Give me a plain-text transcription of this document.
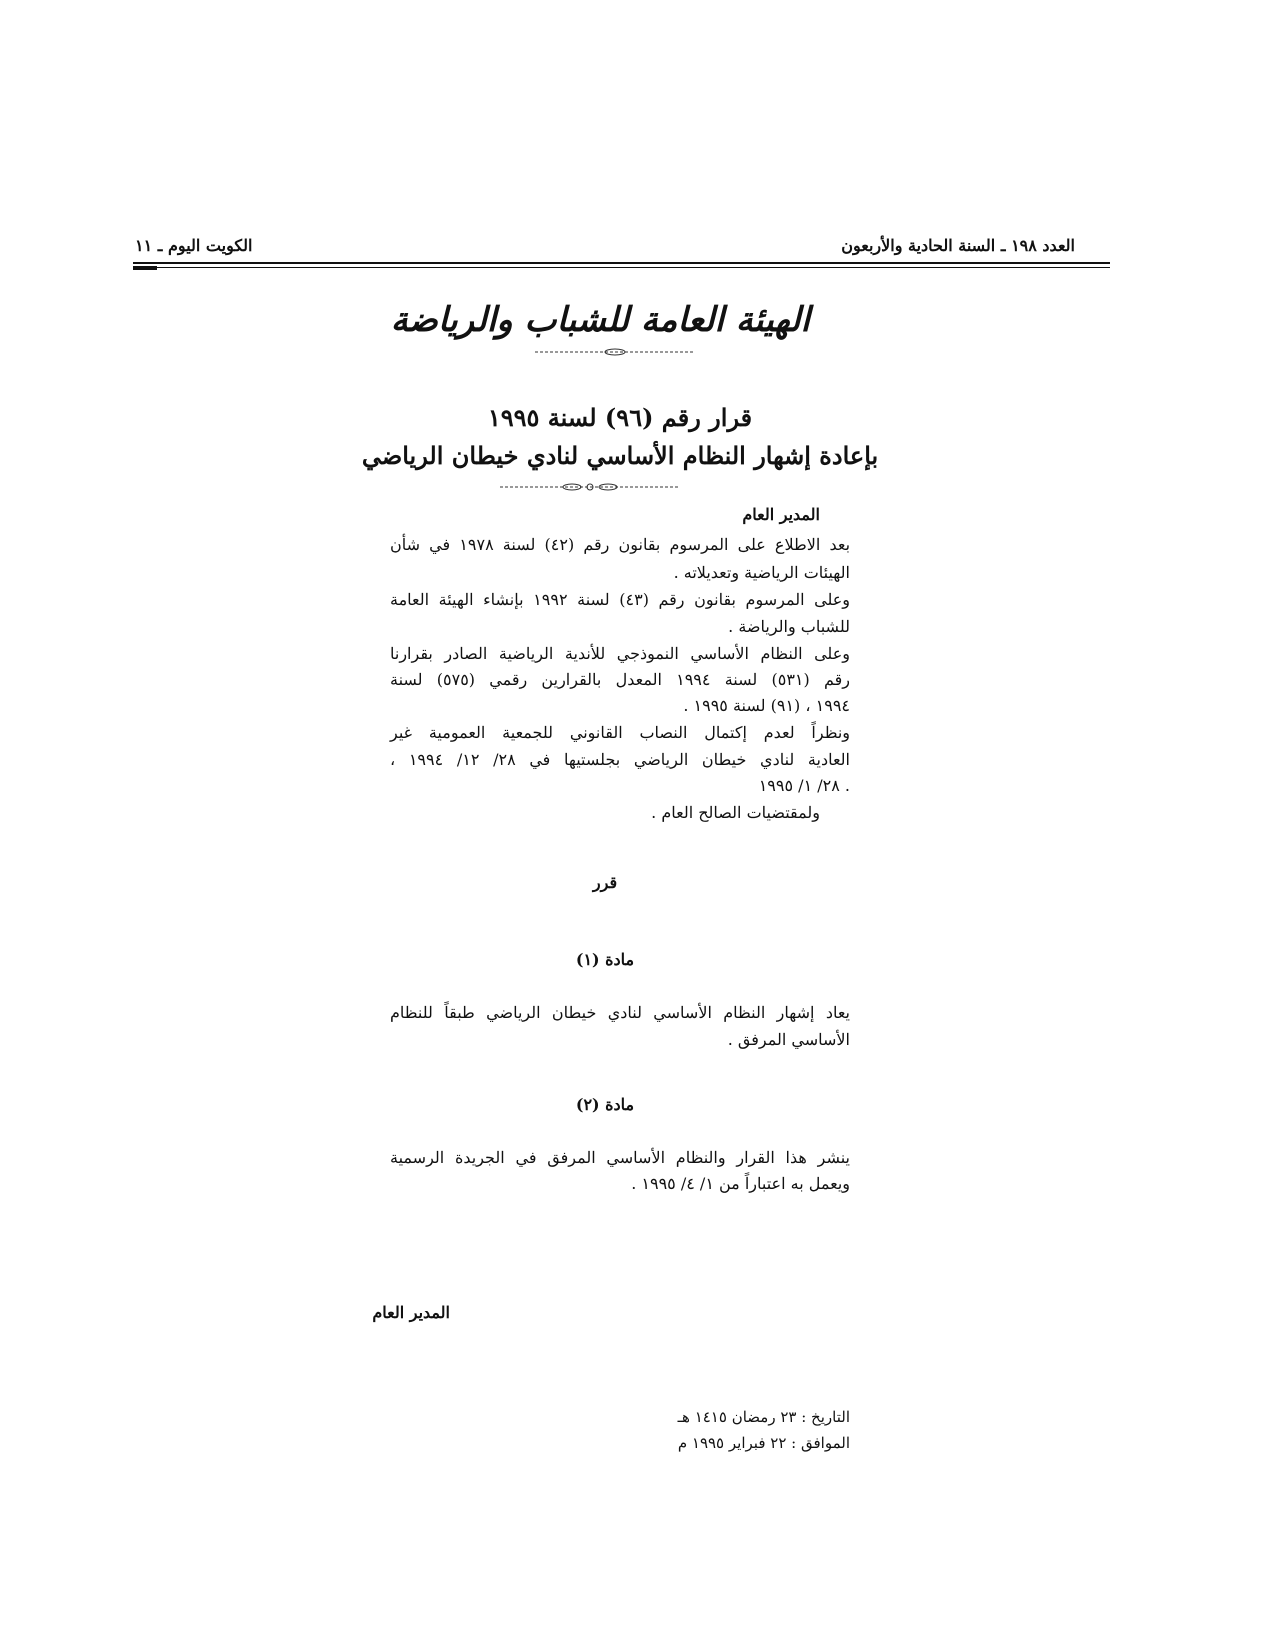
العدد ١٩٨ ـ السنة الحادية والأربعون
الكويت اليوم ـ ١١
الهيئة العامة للشباب والرياضة
قرار رقم (٩٦) لسنة ١٩٩٥
بإعادة إشهار النظام الأساسي لنادي خيطان الرياضي
المدير العام
بعد الاطلاع على المرسوم بقانون رقم (٤٢) لسنة ١٩٧٨ في شأن
الهيئات الرياضية وتعديلاته .
وعلى المرسوم بقانون رقم (٤٣) لسنة ١٩٩٢ بإنشاء الهيئة العامة
للشباب والرياضة .
وعلى النظام الأساسي النموذجي للأندية الرياضية الصادر بقرارنا
رقم (٥٣١) لسنة ١٩٩٤ المعدل بالقرارين رقمي (٥٧٥) لسنة
١٩٩٤ ، (٩١) لسنة ١٩٩٥ .
ونظراً لعدم إكتمال النصاب القانوني للجمعية العمومية غير
العادية لنادي خيطان الرياضي بجلستيها في ٢٨/ ١٢/ ١٩٩٤ ،
٢٨/ ١/ ١٩٩٥ .
ولمقتضيات الصالح العام .
قرر
مادة (١)
يعاد إشهار النظام الأساسي لنادي خيطان الرياضي طبقاً للنظام
الأساسي المرفق .
مادة (٢)
ينشر هذا القرار والنظام الأساسي المرفق في الجريدة الرسمية
ويعمل به اعتباراً من ١/ ٤/ ١٩٩٥ .
المدير العام
التاريخ : ٢٣ رمضان ١٤١٥ هـ
الموافق : ٢٢ فبراير ١٩٩٥ م
